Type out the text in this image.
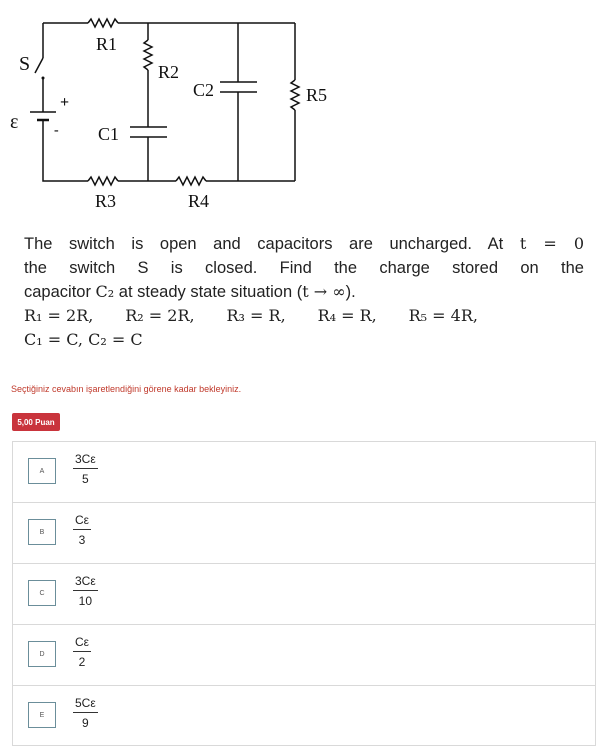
S
ε
+
-
R1
R2
C2	R5
C1
R3	R4
The switch is open and capacitors are uncharged. At t = 0
the switch S is closed. Find the charge stored on the
capacitor C₂ at steady state situation (t → ∞).
R₁ = 2R, R₂ = 2R, R₃ = R, R₄ = R, R₅ = 4R,
C₁ = C, C₂ = C
Seçtiğiniz cevabın işaretlendiğini görene kadar bekleyiniz.
5,00 Puan
A	$\frac{3C\varepsilon}{5}$
B	$\frac{C\varepsilon}{3}$
C	$\frac{3C\varepsilon}{10}$
D	$\frac{C\varepsilon}{2}$
E	$\frac{5C\varepsilon}{9}$
